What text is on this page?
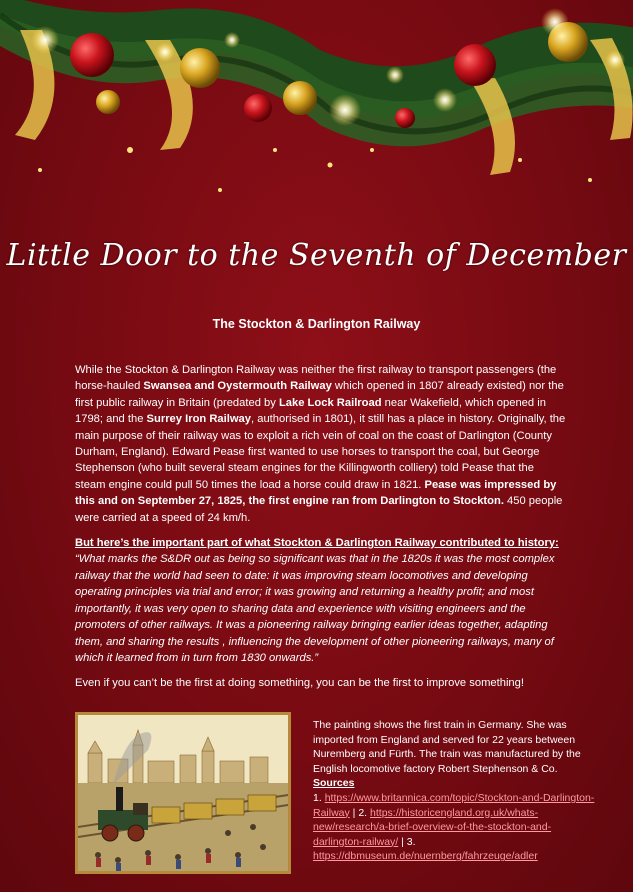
Little Door to the Seventh of December
The Stockton & Darlington Railway

While the Stockton & Darlington Railway was neither the first railway to transport passengers (the horse-hauled Swansea and Oystermouth Railway which opened in 1807 already existed) nor the first public railway in Britain (predated by Lake Lock Railroad near Wakefield, which opened in 1798; and the Surrey Iron Railway, authorised in 1801), it still has a place in history. Originally, the main purpose of their railway was to exploit a rich vein of coal on the coast of Darlington (County Durham, England). Edward Pease first wanted to use horses to transport the coal, but George Stephenson (who built several steam engines for the Killingworth colliery) told Pease that the steam engine could pull 50 times the load a horse could draw in 1821. Pease was impressed by this and on September 27, 1825, the first engine ran from Darlington to Stockton. 450 people were carried at a speed of 24 km/h.

But here’s the important part of what Stockton & Darlington Railway contributed to history: “What marks the S&DR out as being so significant was that in the 1820s it was the most complex railway that the world had seen to date: it was improving steam locomotives and developing operating principles via trial and error; it was growing and returning a healthy profit; and most importantly, it was very open to sharing data and experience with visiting engineers and the promoters of other railways. It was a pioneering railway bringing earlier ideas together, adapting them, and sharing the results , influencing the development of other pioneering railways, many of which it learned from in turn from 1830 onwards.”

Even if you can’t be the first at doing something, you can be the first to improve something!

The painting shows the first train in Germany. She was imported from England and served for 22 years between Nuremberg and Fürth. The train was manufactured by the English locomotive factory Robert Stephenson & Co.
Sources
1. https://www.britannica.com/topic/Stockton-and-Darlington-Railway | 2. https://historicengland.org.uk/whats-new/research/a-brief-overview-of-the-stockton-and-darlington-railway/ | 3. https://dbmuseum.de/nuernberg/fahrzeuge/adler
